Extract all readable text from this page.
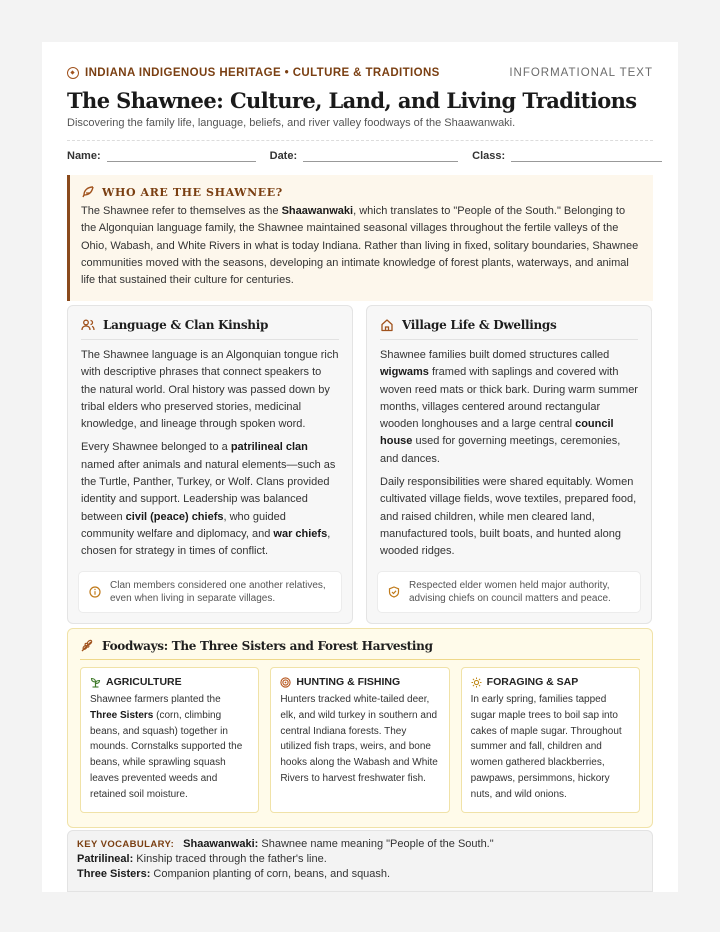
INDIANA INDIGENOUS HERITAGE • CULTURE & TRADITIONS	INFORMATIONAL TEXT
The Shawnee: Culture, Land, and Living Traditions
Discovering the family life, language, beliefs, and river valley foodways of the Shaawanwaki.
Name:	Date:	Class:
WHO ARE THE SHAWNEE?

The Shawnee refer to themselves as the Shaawanwaki, which translates to "People of the South." Belonging to the Algonquian language family, the Shawnee maintained seasonal villages throughout the fertile valleys of the Ohio, Wabash, and White Rivers in what is today Indiana. Rather than living in fixed, solitary boundaries, Shawnee communities moved with the seasons, developing an intimate knowledge of forest plants, waterways, and animal life that sustained their culture for centuries.

Language & Clan Kinship

The Shawnee language is an Algonquian tongue rich with descriptive phrases that connect speakers to the natural world. Oral history was passed down by tribal elders who preserved stories, medicinal knowledge, and lineage through spoken word.

Every Shawnee belonged to a patrilineal clan named after animals and natural elements—such as the Turtle, Panther, Turkey, or Wolf. Clans provided identity and support. Leadership was balanced between civil (peace) chiefs, who guided community welfare and diplomacy, and war chiefs, chosen for strategy in times of conflict.

Clan members considered one another relatives, even when living in separate villages.
Village Life & Dwellings

Shawnee families built domed structures called wigwams framed with saplings and covered with woven reed mats or thick bark. During warm summer months, villages centered around rectangular wooden longhouses and a large central council house used for governing meetings, ceremonies, and dances.

Daily responsibilities were shared equitably. Women cultivated village fields, wove textiles, prepared food, and raised children, while men cleared land, manufactured tools, built boats, and hunted along wooded ridges.

Respected elder women held major authority, advising chiefs on council matters and peace.
Foodways: The Three Sisters and Forest Harvesting
AGRICULTURE

Shawnee farmers planted the Three Sisters (corn, climbing beans, and squash) together in mounds. Cornstalks supported the beans, while sprawling squash leaves prevented weeds and retained soil moisture.

HUNTING & FISHING

Hunters tracked white-tailed deer, elk, and wild turkey in southern and central Indiana forests. They utilized fish traps, weirs, and bone hooks along the Wabash and White Rivers to harvest freshwater fish.

FORAGING & SAP

In early spring, families tapped sugar maple trees to boil sap into cakes of maple sugar. Throughout summer and fall, children and women gathered blackberries, pawpaws, persimmons, hickory nuts, and wild onions.

KEY VOCABULARY: Shaawanwaki: Shawnee name meaning "People of the South."
Patrilineal: Kinship traced through the father's line.
Three Sisters: Companion planting of corn, beans, and squash.
